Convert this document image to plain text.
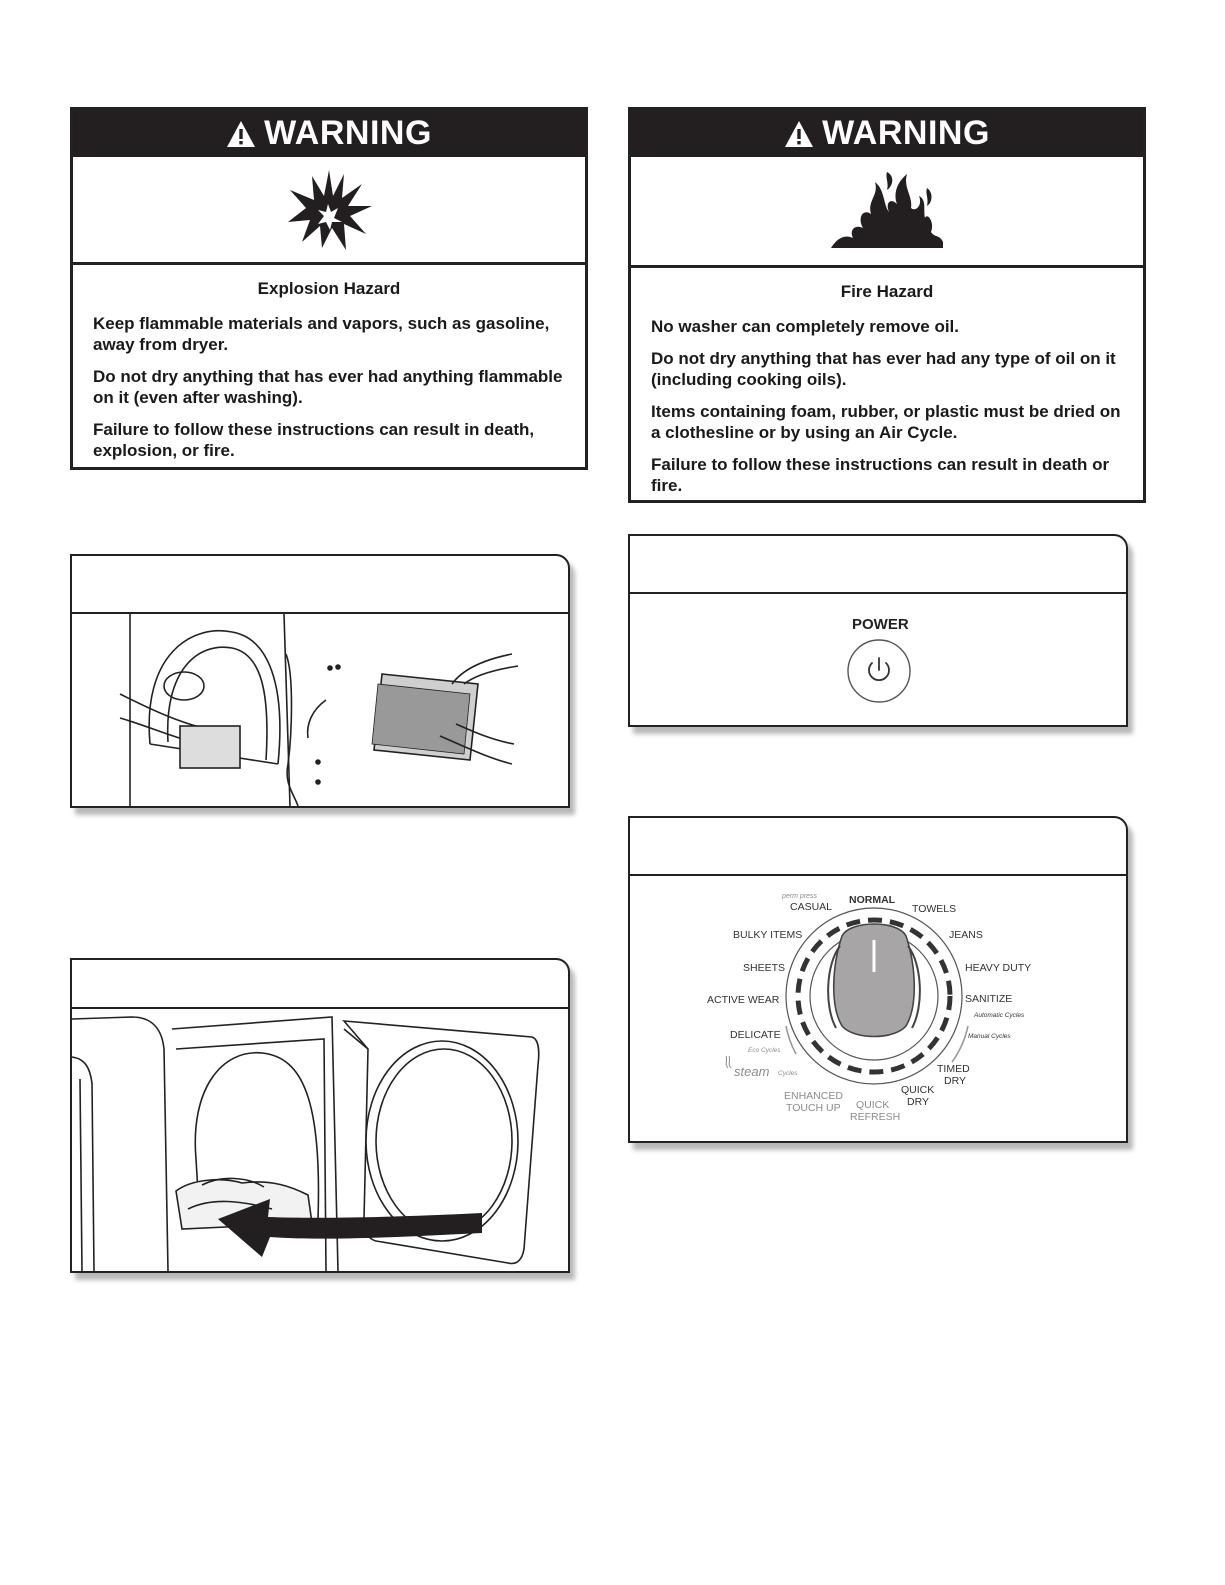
WARNING
Explosion Hazard

Keep flammable materials and vapors, such as gasoline, away from dryer.

Do not dry anything that has ever had anything flammable on it (even after washing).

Failure to follow these instructions can result in death, explosion, or fire.

WARNING
Fire Hazard

No washer can completely remove oil.

Do not dry anything that has ever had any type of oil on it (including cooking oils).

Items containing foam, rubber, or plastic must be dried on a clothesline or by using an Air Cycle.

Failure to follow these instructions can result in death or fire.

POWER
perm press
CASUAL
NORMAL
TOWELS
BULKY ITEMS	JEANS
SHEETS	HEAVY DUTY
ACTIVE WEAR	SANITIZE
Automatic Cycles
DELICATE	Manual Cycles
Eco Cycles
steam Cycles	TIMED
DRY
QUICK
DRY
ENHANCED
TOUCH UP QUICK
REFRESH
